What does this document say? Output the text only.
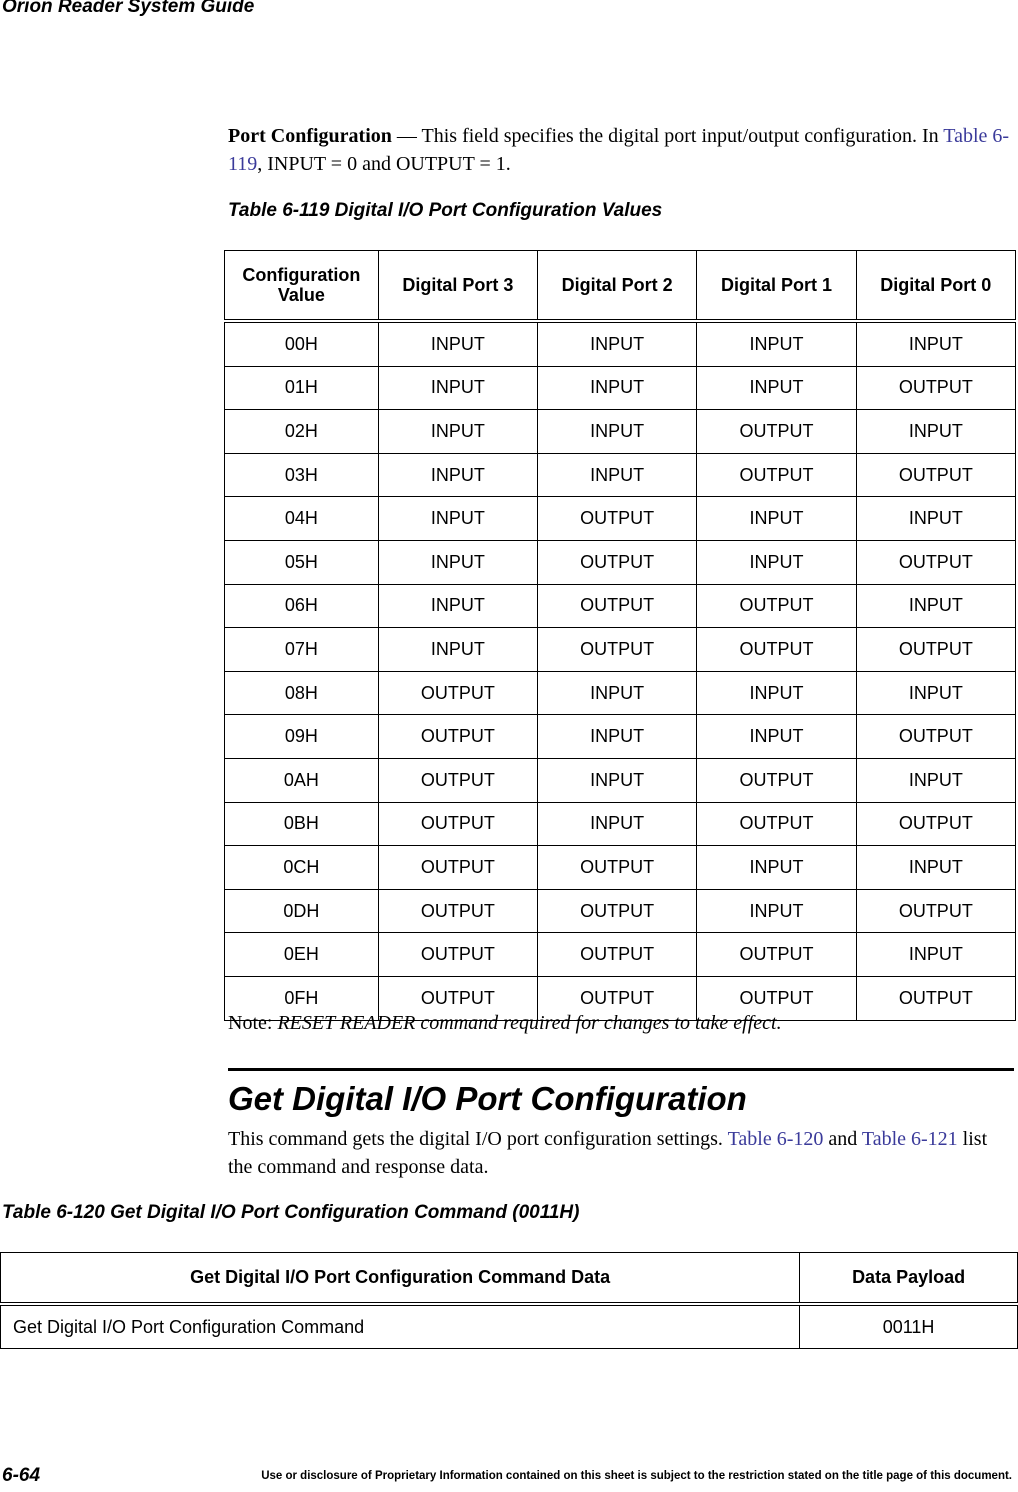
Orion Reader System Guide
Port Configuration — This field specifies the digital port input/output configuration. In Table 6-119, INPUT = 0 and OUTPUT = 1.
Table 6-119 Digital I/O Port Configuration Values
Configuration Value	Digital Port 3	Digital Port 2	Digital Port 1	Digital Port 0
00H	INPUT	INPUT	INPUT	INPUT
01H	INPUT	INPUT	INPUT	OUTPUT
02H	INPUT	INPUT	OUTPUT	INPUT
03H	INPUT	INPUT	OUTPUT	OUTPUT
04H	INPUT	OUTPUT	INPUT	INPUT
05H	INPUT	OUTPUT	INPUT	OUTPUT
06H	INPUT	OUTPUT	OUTPUT	INPUT
07H	INPUT	OUTPUT	OUTPUT	OUTPUT
08H	OUTPUT	INPUT	INPUT	INPUT
09H	OUTPUT	INPUT	INPUT	OUTPUT
0AH	OUTPUT	INPUT	OUTPUT	INPUT
0BH	OUTPUT	INPUT	OUTPUT	OUTPUT
0CH	OUTPUT	OUTPUT	INPUT	INPUT
0DH	OUTPUT	OUTPUT	INPUT	OUTPUT
0EH	OUTPUT	OUTPUT	OUTPUT	INPUT
0FH	OUTPUT	OUTPUT	OUTPUT	OUTPUT
Note: RESET READER command required for changes to take effect.
Get Digital I/O Port Configuration
This command gets the digital I/O port configuration settings. Table 6-120 and Table 6-121 list the command and response data.
Table 6-120 Get Digital I/O Port Configuration Command (0011H)
Get Digital I/O Port Configuration Command Data	Data Payload
Get Digital I/O Port Configuration Command	0011H
6-64	Use or disclosure of Proprietary Information contained on this sheet is subject to the restriction stated on the title page of this document.
